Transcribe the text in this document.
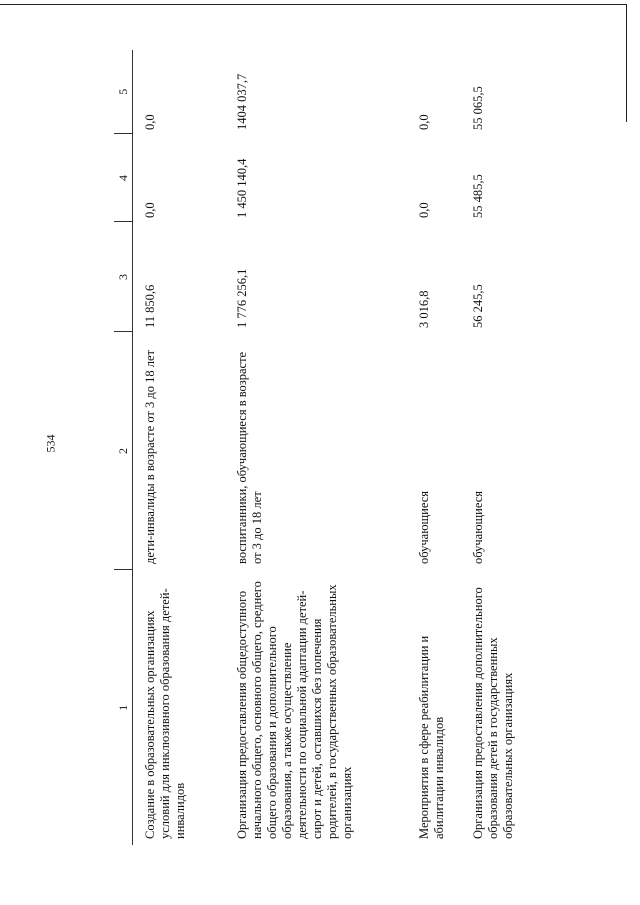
534
1	2	3	4	5
Создание в образовательных организациях условий для инклюзивного образования детей-инвалидов	дети-инвалиды в возрасте от 3 до 18 лет	11 850,6	0,0	0,0
Организация предоставления общедоступного начального общего, основного общего, среднего общего образования и дополнительного образования, а также осуществление деятельности по социальной адаптации детей-сирот и детей, оставшихся без попечения родителей, в государственных образовательных организациях	воспитанники, обучающиеся в возрасте от 3 до 18 лет	1 776 256,1	1 450 140,4	1404 037,7
Мероприятия в сфере реабилитации и абилитации инвалидов	обучающиеся	3 016,8	0,0	0,0
Организация предоставления дополнительного образования детей в государственных образовательных организациях	обучающиеся	56 245,5	55 485,5	55 065,5
